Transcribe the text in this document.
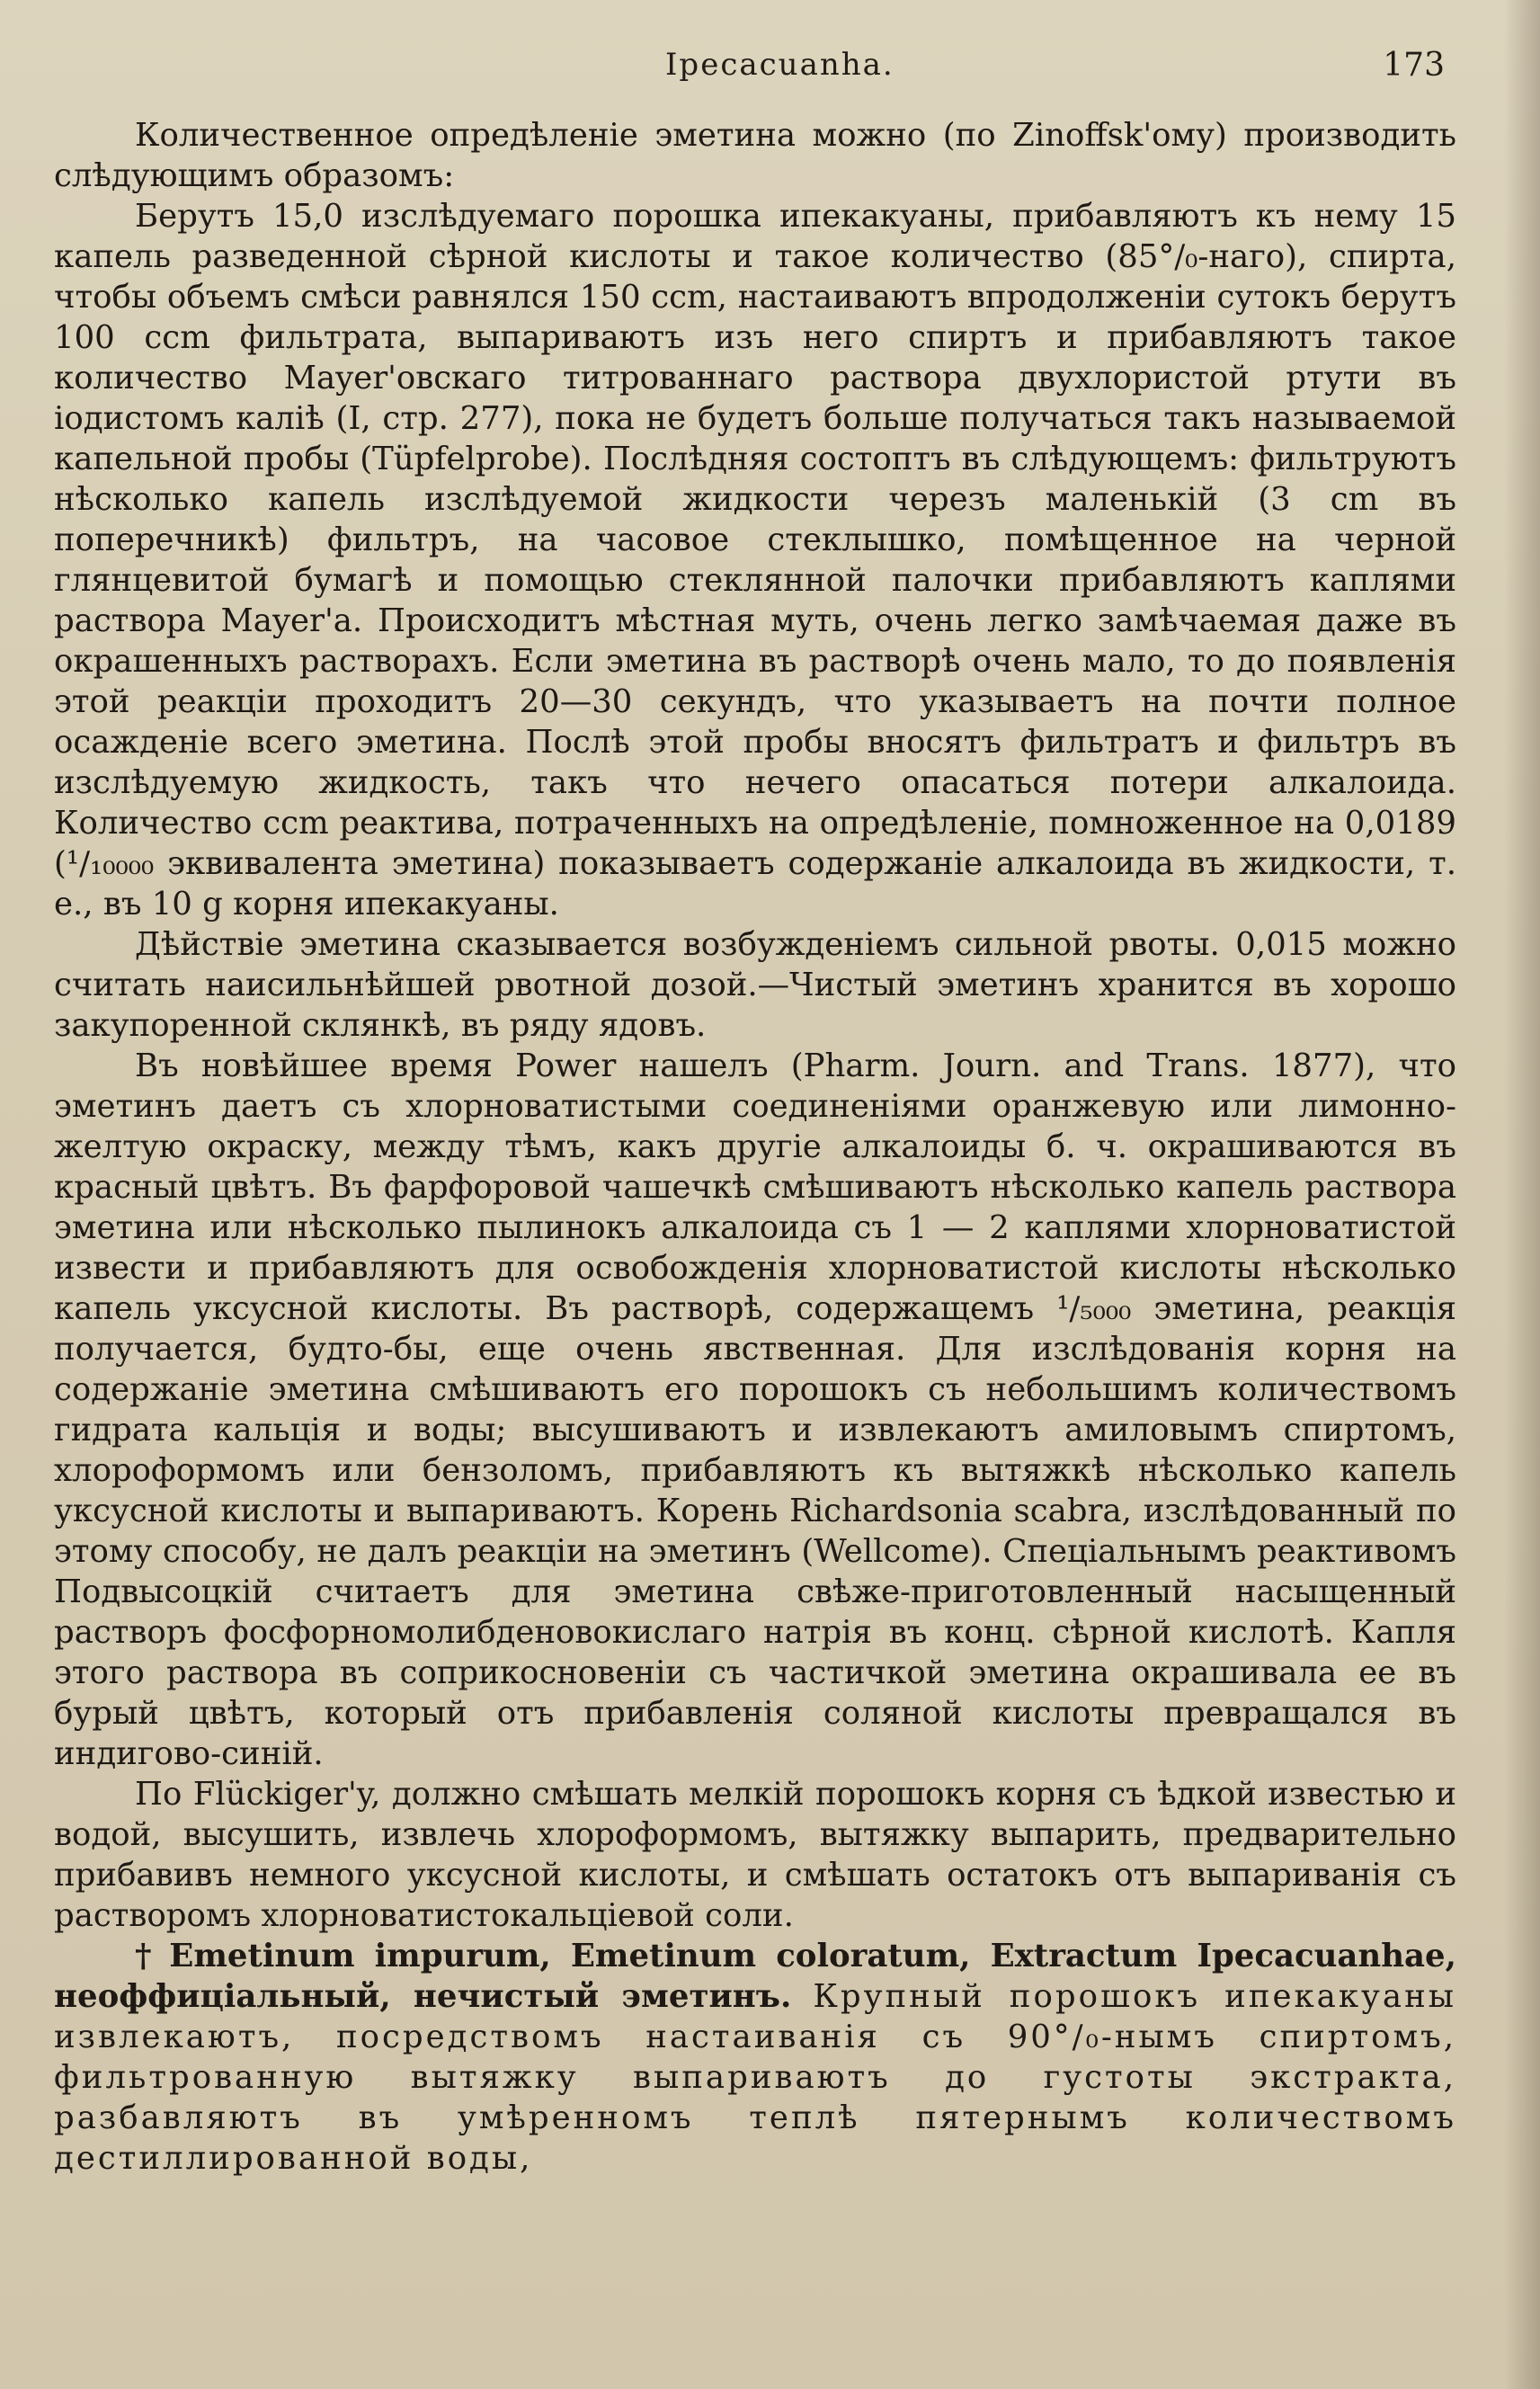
Ipecacuanha.	173

Количественное опредѣленіе эметина можно (по Zinoffsk'ому) производить слѣдующимъ образомъ:

Берутъ 15,0 изслѣдуемаго порошка ипекакуаны, прибавляютъ къ нему 15 капель разведенной сѣрной кислоты и такое количество (85°/₀-наго), спирта, чтобы объемъ смѣси равнялся 150 ccm, настаиваютъ впродолженіи сутокъ берутъ 100 ccm фильтрата, выпариваютъ изъ него спиртъ и прибавляютъ такое количество Mayer'овскаго титрованнаго раствора двухлористой ртути въ іодистомъ каліѣ (I, стр. 277), пока не будетъ больше получаться такъ называемой капельной пробы (Tüpfelprobe). Послѣдняя состоптъ въ слѣдующемъ: фильтруютъ нѣсколько капель изслѣдуемой жидкости черезъ маленькій (3 cm въ поперечникѣ) фильтръ, на часовое стеклышко, помѣщенное на черной глянцевитой бумагѣ и помощью стеклянной палочки прибавляютъ каплями раствора Mayer'a. Происходитъ мѣстная муть, очень легко замѣчаемая даже въ окрашенныхъ растворахъ. Если эметина въ растворѣ очень мало, то до появленія этой реакціи проходитъ 20—30 секундъ, что указываетъ на почти полное осажденіе всего эметина. Послѣ этой пробы вносятъ фильтратъ и фильтръ въ изслѣдуемую жидкость, такъ что нечего опасаться потери алкалоида. Количество ccm реактива, потраченныхъ на опредѣленіе, помноженное на 0,0189 (¹/₁₀₀₀₀ эквивалента эметина) показываетъ содержаніе алкалоида въ жидкости, т. е., въ 10 g корня ипекакуаны.

Дѣйствіе эметина сказывается возбужденіемъ сильной рвоты. 0,015 можно считать наисильнѣйшей рвотной дозой.—Чистый эметинъ хранится въ хорошо закупоренной склянкѣ, въ ряду ядовъ.

Въ новѣйшее время Power нашелъ (Pharm. Journ. and Trans. 1877), что эметинъ даетъ съ хлорноватистыми соединеніями оранжевую или лимонно-желтую окраску, между тѣмъ, какъ другіе алкалоиды б. ч. окрашиваются въ красный цвѣтъ. Въ фарфоровой чашечкѣ смѣшиваютъ нѣсколько капель раствора эметина или нѣсколько пылинокъ алкалоида съ 1 — 2 каплями хлорноватистой извести и прибавляютъ для освобожденія хлорноватистой кислоты нѣсколько капель уксусной кислоты. Въ растворѣ, содержащемъ ¹/₅₀₀₀ эметина, реакція получается, будто-бы, еще очень явственная. Для изслѣдованія корня на содержаніе эметина смѣшиваютъ его порошокъ съ небольшимъ количествомъ гидрата кальція и воды; высушиваютъ и извлекаютъ амиловымъ спиртомъ, хлороформомъ или бензоломъ, прибавляютъ къ вытяжкѣ нѣсколько капель уксусной кислоты и выпариваютъ. Корень Richardsonia scabra, изслѣдованный по этому способу, не далъ реакціи на эметинъ (Wellcome). Спеціальнымъ реактивомъ Подвысоцкій считаетъ для эметина свѣже-приготовленный насыщенный растворъ фосфорномолибденовокислаго натрія въ конц. сѣрной кислотѣ. Капля этого раствора въ соприкосновеніи съ частичкой эметина окрашивала ее въ бурый цвѣтъ, который отъ прибавленія соляной кислоты превращался въ индигово-синій.

По Flückiger'y, должно смѣшать мелкій порошокъ корня съ ѣдкой известью и водой, высушить, извлечь хлороформомъ, вытяжку выпарить, предварительно прибавивъ немного уксусной кислоты, и смѣшать остатокъ отъ выпариванія съ растворомъ хлорноватистокальціевой соли.

† Emetinum impurum, Emetinum coloratum, Extractum Ipecacuanhae, неоффиціальный, нечистый эметинъ. Крупный порошокъ ипекакуаны извлекаютъ, посредствомъ настаиванія съ 90°/₀-нымъ спиртомъ, фильтрованную вытяжку выпариваютъ до густоты экстракта, разбавляютъ въ умѣренномъ теплѣ пятернымъ количествомъ дестиллированной воды,
